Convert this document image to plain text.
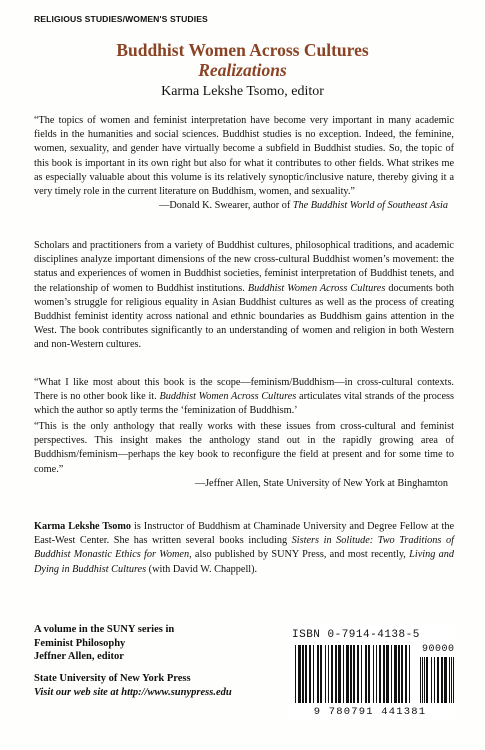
RELIGIOUS STUDIES/WOMEN'S STUDIES
Buddhist Women Across Cultures
Realizations
Karma Lekshe Tsomo, editor

“The topics of women and feminist interpretation have become very important in many academic fields in the humanities and social sciences. Buddhist studies is no exception. Indeed, the feminine, women, sexuality, and gender have virtually become a subfield in Buddhist studies. So, the topic of this book is important in its own right but also for what it contributes to other fields. What strikes me as especially valuable about this volume is its relatively synoptic/inclusive nature, thereby giving it a very timely role in the current literature on Buddhism, women, and sexuality.”
—Donald K. Swearer, author of The Buddhist World of Southeast Asia

Scholars and practitioners from a variety of Buddhist cultures, philosophical traditions, and academic disciplines analyze important dimensions of the new cross-cultural Buddhist women’s movement: the status and experiences of women in Buddhist societies, feminist interpretation of Buddhist tenets, and the relationship of women to Buddhist institutions. Buddhist Women Across Cultures documents both women’s struggle for religious equality in Asian Buddhist cultures as well as the process of creating Buddhist feminist identity across national and ethnic boundaries as Buddhism gains attention in the West. The book contributes significantly to an understanding of women and religion in both Western and non-Western cultures.

“What I like most about this book is the scope—feminism/Buddhism—in cross-cultural contexts. There is no other book like it. Buddhist Women Across Cultures articulates vital strands of the process which the author so aptly terms the ‘feminization of Buddhism.’

“This is the only anthology that really works with these issues from cross-cultural and feminist perspectives. This insight makes the anthology stand out in the rapidly growing area of Buddhism/feminism—perhaps the key book to reconfigure the field at present and for some time to come.”
—Jeffner Allen, State University of New York at Binghamton

Karma Lekshe Tsomo is Instructor of Buddhism at Chaminade University and Degree Fellow at the East-West Center. She has written several books including Sisters in Solitude: Two Traditions of Buddhist Monastic Ethics for Women, also published by SUNY Press, and most recently, Living and Dying in Buddhist Cultures (with David W. Chappell).

A volume in the SUNY series in
Feminist Philosophy
Jeffner Allen, editor
State University of New York Press
Visit our web site at http://www.sunypress.edu
ISBN 0-7914-4138-5
90000
9 780791 441381
